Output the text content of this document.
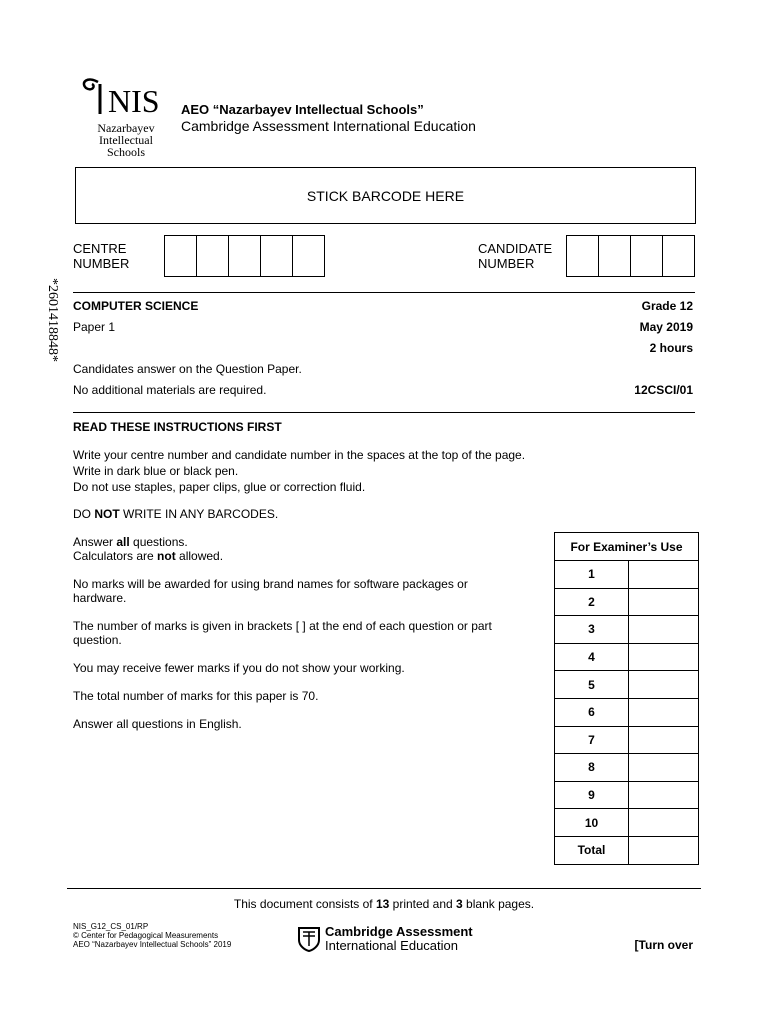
NIS
Nazarbayev
Intellectual
Schools
AEO “Nazarbayev Intellectual Schools”
Cambridge Assessment International Education
STICK BARCODE HERE
CENTRE
NUMBER
CANDIDATE
NUMBER
*2601418848* COMPUTER SCIENCE
Paper 1
Grade 12
May 2019
2 hours
Candidates answer on the Question Paper.
No additional materials are required.	12CSCI/01
READ THESE INSTRUCTIONS FIRST
Write your centre number and candidate number in the spaces at the top of the page.
Write in dark blue or black pen.
Do not use staples, paper clips, glue or correction fluid.
DO NOT WRITE IN ANY BARCODES.
Answer all questions.
Calculators are not allowed.
No marks will be awarded for using brand names for software packages or hardware.
The number of marks is given in brackets [ ] at the end of each question or part question.
You may receive fewer marks if you do not show your working.
The total number of marks for this paper is 70.
Answer all questions in English.
For Examiner’s Use	
1	
2	
3	
4	
5	
6	
7	
8	
9	
10	
Total	
This document consists of 13 printed and 3 blank pages.
NIS_G12_CS_01/RP
© Center for Pedagogical Measurements
AEO “Nazarbayev Intellectual Schools” 2019
Cambridge Assessment
International Education	[Turn over
